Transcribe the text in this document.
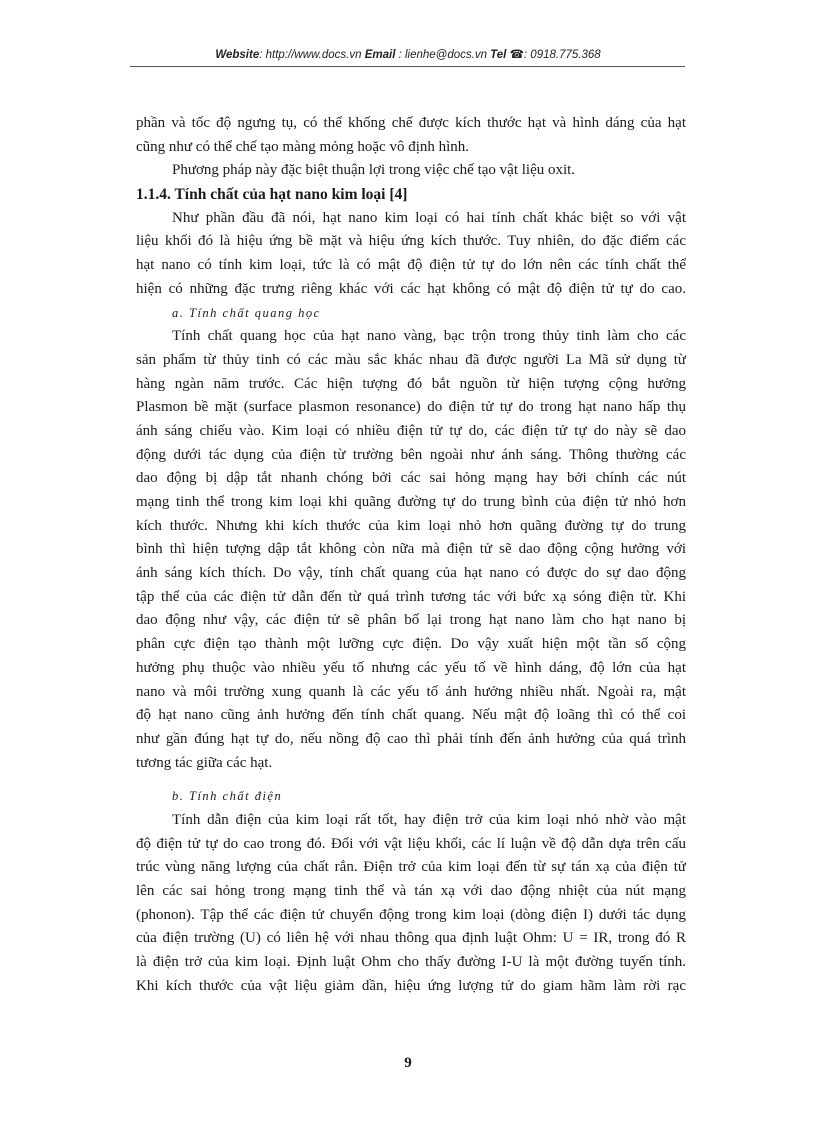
Website: http://www.docs.vn Email : lienhe@docs.vn Tel ☎: 0918.775.368
phần và tốc độ ngưng tụ, có thể khống chế được kích thước hạt và hình dáng của hạt
cũng như có thể chế tạo màng mỏng hoặc vô định hình.
Phương pháp này đặc biệt thuận lợi trong việc chế tạo vật liệu oxit.
1.1.4. Tính chất của hạt nano kim loại [4]
Như phần đầu đã nói, hạt nano kim loại có hai tính chất khác biệt so với vật
liệu khối đó là hiệu ứng bề mặt và hiệu ứng kích thước. Tuy nhiên, do đặc điểm các
hạt nano có tính kim loại, tức là có mật độ điện tử tự do lớn nên các tính chất thể
hiện có những đặc trưng riêng khác với các hạt không có mật độ điện tử tự do cao.
a. Tính chất quang học
Tính chất quang học của hạt nano vàng, bạc trộn trong thủy tinh làm cho các
sản phẩm từ thủy tinh có các màu sắc khác nhau đã được người La Mã sử dụng từ
hàng ngàn năm trước. Các hiện tượng đó bắt nguồn từ hiện tượng cộng hưởng
Plasmon bề mặt (surface plasmon resonance) do điện tử tự do trong hạt nano hấp thụ
ánh sáng chiếu vào. Kim loại có nhiều điện tử tự do, các điện tử tự do này sẽ dao
động dưới tác dụng của điện từ trường bên ngoài như ánh sáng. Thông thường các
dao động bị dập tắt nhanh chóng bởi các sai hỏng mạng hay bởi chính các nút
mạng tinh thể trong kim loại khi quãng đường tự do trung bình của điện tử nhỏ hơn
kích thước. Nhưng khi kích thước của kim loại nhỏ hơn quãng đường tự do trung
bình thì hiện tượng dập tắt không còn nữa mà điện tử sẽ dao động cộng hưởng với
ánh sáng kích thích. Do vậy, tính chất quang của hạt nano có được do sự dao động
tập thể của các điện tử dẫn đến từ quá trình tương tác với bức xạ sóng điện từ. Khi
dao động như vậy, các điện tử sẽ phân bố lại trong hạt nano làm cho hạt nano bị
phân cực điện tạo thành một lưỡng cực điện. Do vậy xuất hiện một tần số cộng
hưởng phụ thuộc vào nhiều yếu tố nhưng các yếu tố về hình dáng, độ lớn của hạt
nano và môi trường xung quanh là các yếu tố ảnh hưởng nhiều nhất. Ngoài ra, mật
độ hạt nano cũng ảnh hưởng đến tính chất quang. Nếu mật độ loãng thì có thể coi
như gần đúng hạt tự do, nếu nồng độ cao thì phải tính đến ảnh hưởng của quá trình
tương tác giữa các hạt.
b. Tính chất điện
Tính dẫn điện của kim loại rất tốt, hay điện trở của kim loại nhỏ nhờ vào mật
độ điện tử tự do cao trong đó. Đối với vật liệu khối, các lí luận về độ dẫn dựa trên cấu
trúc vùng năng lượng của chất rắn. Điện trở của kim loại đến từ sự tán xạ của điện tử
lên các sai hỏng trong mạng tinh thể và tán xạ với dao động nhiệt của nút mạng
(phonon). Tập thể các điện tử chuyển động trong kim loại (dòng điện I) dưới tác dụng
của điện trường (U) có liên hệ với nhau thông qua định luật Ohm: U = IR, trong đó R
là điện trở của kim loại. Định luật Ohm cho thấy đường I-U là một đường tuyến tính.
Khi kích thước của vật liệu giảm dần, hiệu ứng lượng tử do giam hãm làm rời rạc
9
